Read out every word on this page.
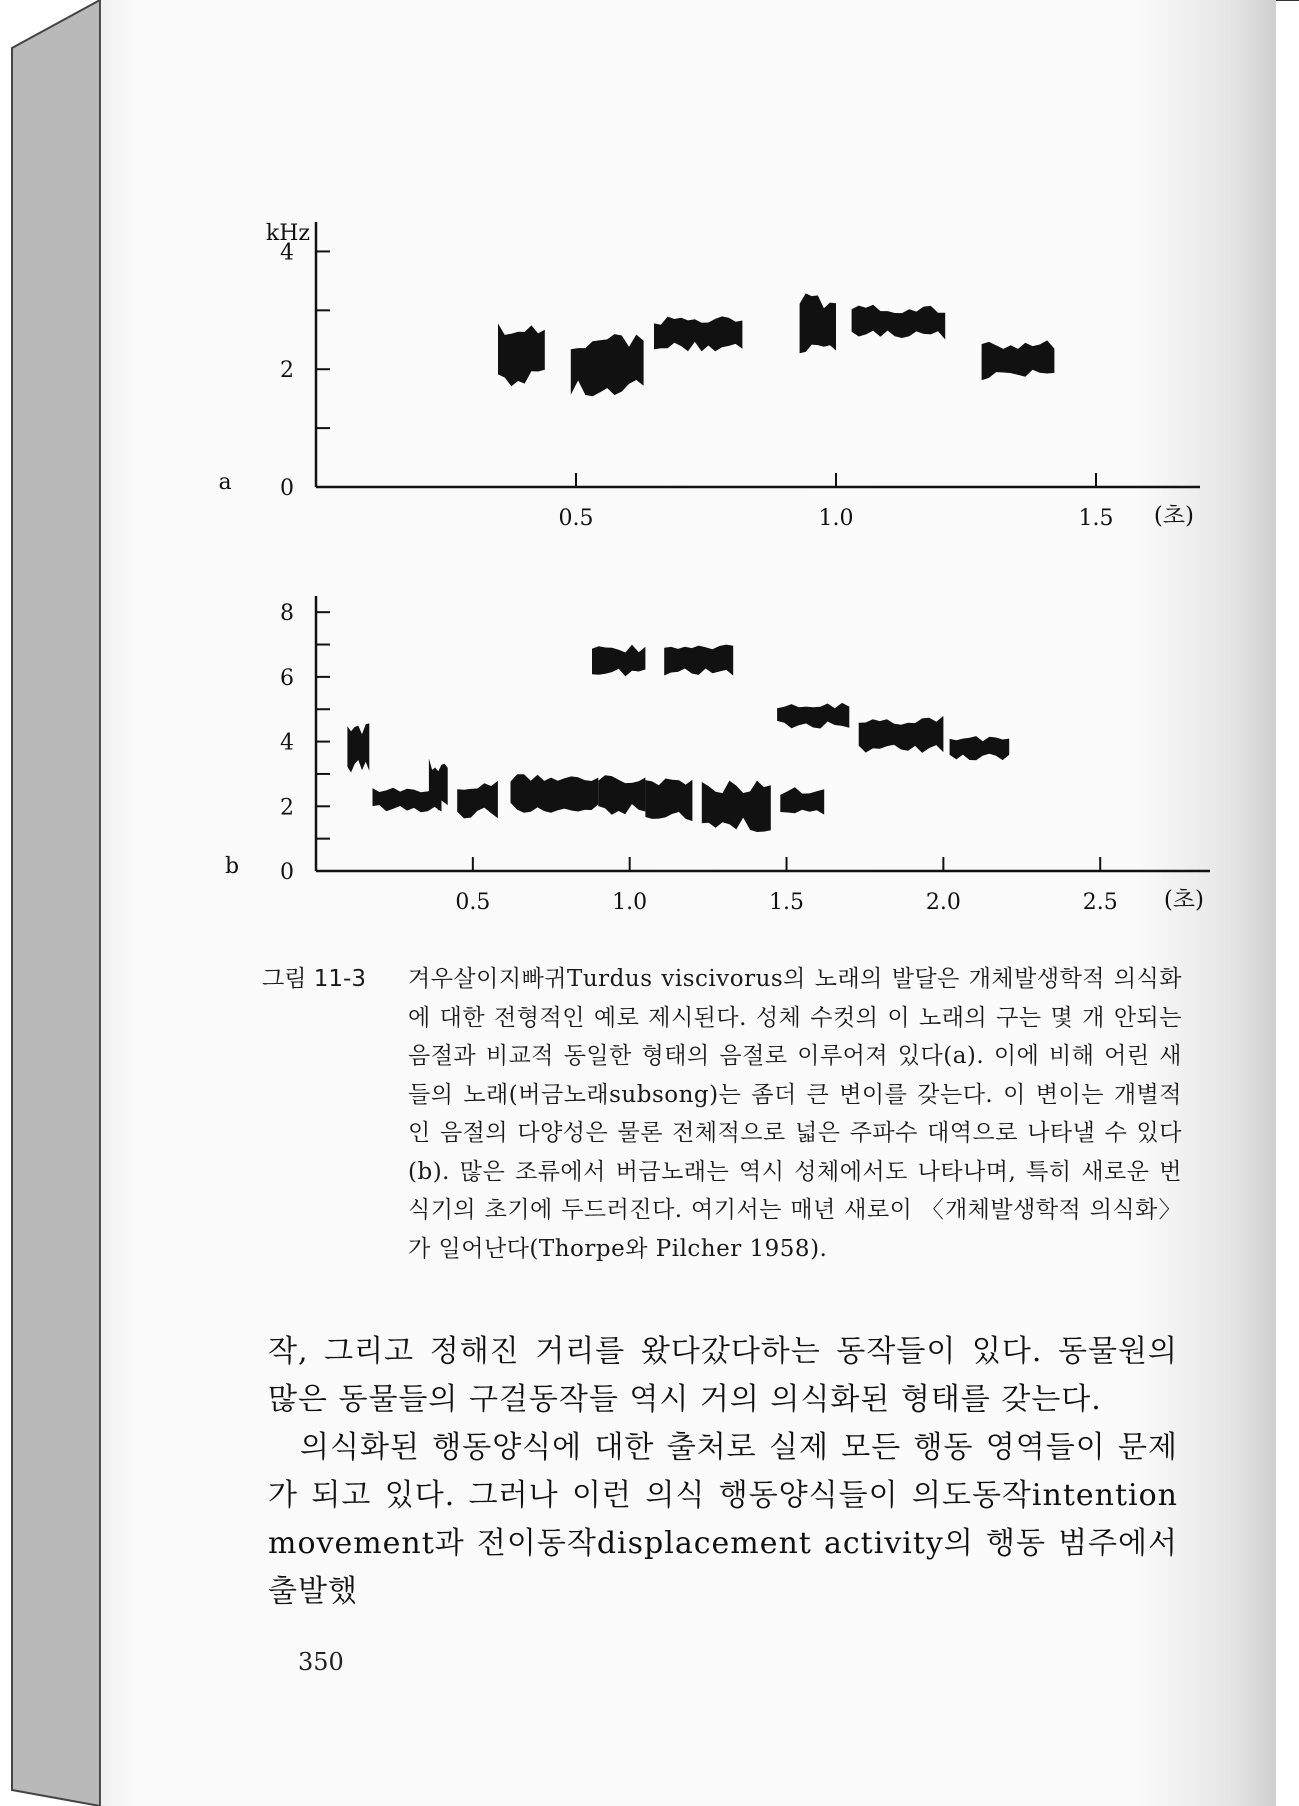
0
2
4
0.5	1.0	1.5 (초)
kHz
a
0
2
4
6
8
0.5	1.0	1.5	2.0	2.5 (초)
b
그림 11-3 겨우살이지빠귀Turdus viscivorus의 노래의 발달은 개체발생학적 의식화에 대한 전형적인 예로 제시된다. 성체 수컷의 이 노래의 구는 몇 개 안되는 음절과 비교적 동일한 형태의 음절로 이루어져 있다(a). 이에 비해 어린 새들의 노래(버금노래subsong)는 좀더 큰 변이를 갖는다. 이 변이는 개별적인 음절의 다양성은 물론 전체적으로 넓은 주파수 대역으로 나타낼 수 있다(b). 많은 조류에서 버금노래는 역시 성체에서도 나타나며, 특히 새로운 번식기의 초기에 두드러진다. 여기서는 매년 새로이 〈개체발생학적 의식화〉가 일어난다(Thorpe와 Pilcher 1958).

작, 그리고 정해진 거리를 왔다갔다하는 동작들이 있다. 동물원의 많은 동물들의 구걸동작들 역시 거의 의식화된 형태를 갖는다.

의식화된 행동양식에 대한 출처로 실제 모든 행동 영역들이 문제가 되고 있다. 그러나 이런 의식 행동양식들이 의도동작intention movement과 전이동작displacement activity의 행동 범주에서 출발했

350
